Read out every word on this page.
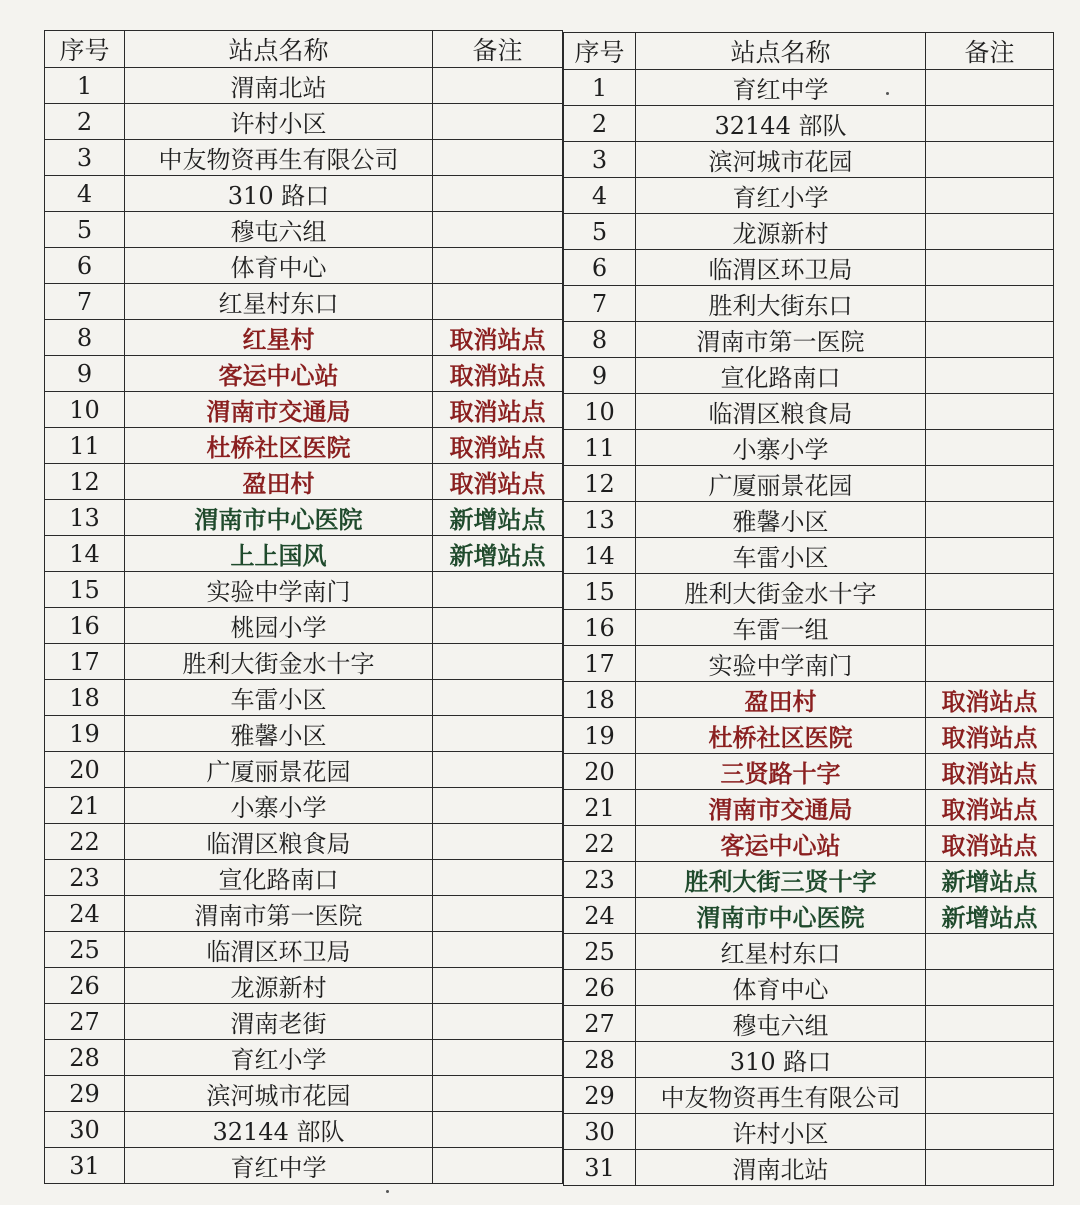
序号	站点名称	备注
1	渭南北站	
2	许村小区	
3	中友物资再生有限公司	
4	310 路口	
5	穆屯六组	
6	体育中心	
7	红星村东口	
8	红星村	取消站点
9	客运中心站	取消站点
10	渭南市交通局	取消站点
11	杜桥社区医院	取消站点
12	盈田村	取消站点
13	渭南市中心医院	新增站点
14	上上国风	新增站点
15	实验中学南门	
16	桃园小学	
17	胜利大街金水十字	
18	车雷小区	
19	雅馨小区	
20	广厦丽景花园	
21	小寨小学	
22	临渭区粮食局	
23	宣化路南口	
24	渭南市第一医院	
25	临渭区环卫局	
26	龙源新村	
27	渭南老街	
28	育红小学	
29	滨河城市花园	
30	32144 部队	
31	育红中学	
序号	站点名称	备注
1	育红中学	
2	32144 部队	
3	滨河城市花园	
4	育红小学	
5	龙源新村	
6	临渭区环卫局	
7	胜利大街东口	
8	渭南市第一医院	
9	宣化路南口	
10	临渭区粮食局	
11	小寨小学	
12	广厦丽景花园	
13	雅馨小区	
14	车雷小区	
15	胜利大街金水十字	
16	车雷一组	
17	实验中学南门	
18	盈田村	取消站点
19	杜桥社区医院	取消站点
20	三贤路十字	取消站点
21	渭南市交通局	取消站点
22	客运中心站	取消站点
23	胜利大街三贤十字	新增站点
24	渭南市中心医院	新增站点
25	红星村东口	
26	体育中心	
27	穆屯六组	
28	310 路口	
29	中友物资再生有限公司	
30	许村小区	
31	渭南北站	
